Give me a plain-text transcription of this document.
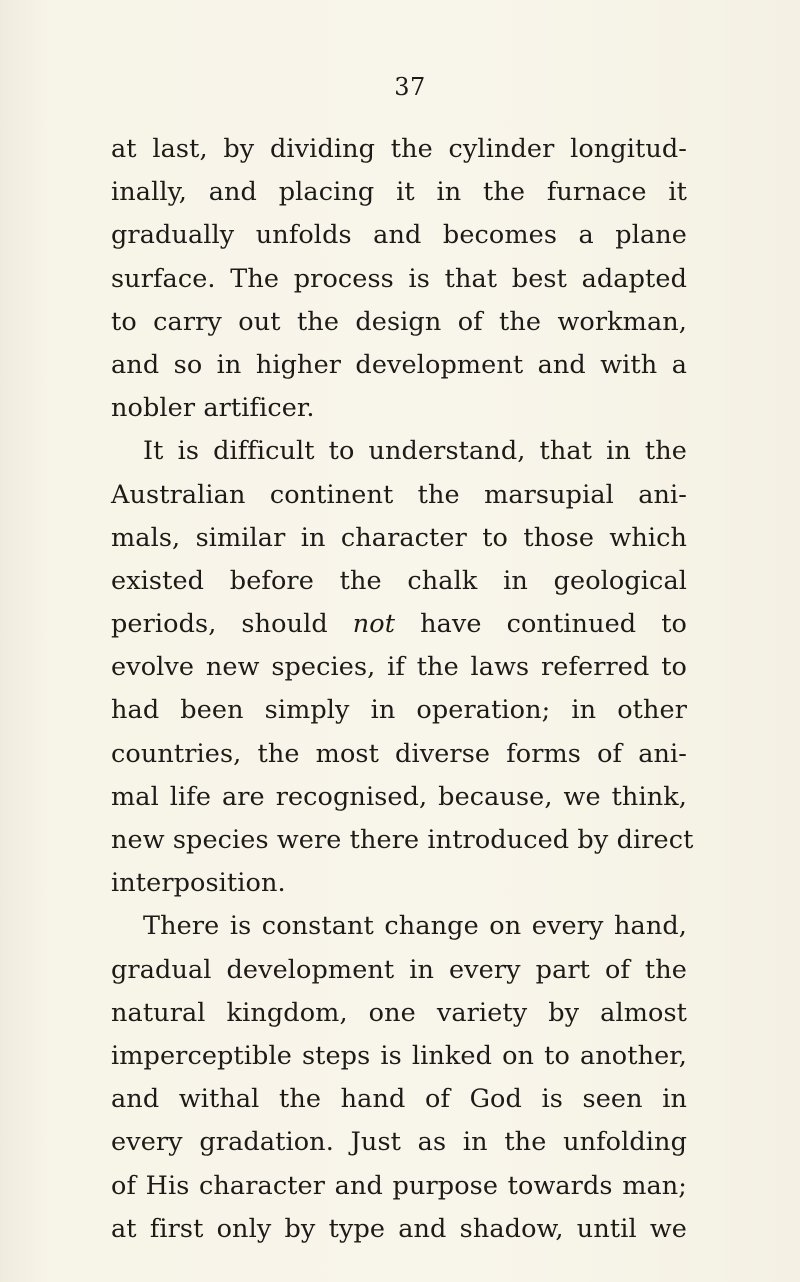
37
at last, by dividing the cylinder longitud-
inally, and placing it in the furnace it
gradually unfolds and becomes a plane
surface. The process is that best adapted
to carry out the design of the workman,
and so in higher development and with a
nobler artificer.
It is difficult to understand, that in the
Australian continent the marsupial ani-
mals, similar in character to those which
existed before the chalk in geological
periods, should not have continued to
evolve new species, if the laws referred to
had been simply in operation; in other
countries, the most diverse forms of ani-
mal life are recognised, because, we think,
new species were there introduced by direct
interposition.
There is constant change on every hand,
gradual development in every part of the
natural kingdom, one variety by almost
imperceptible steps is linked on to another,
and withal the hand of God is seen in
every gradation. Just as in the unfolding
of His character and purpose towards man;
at first only by type and shadow, until we
